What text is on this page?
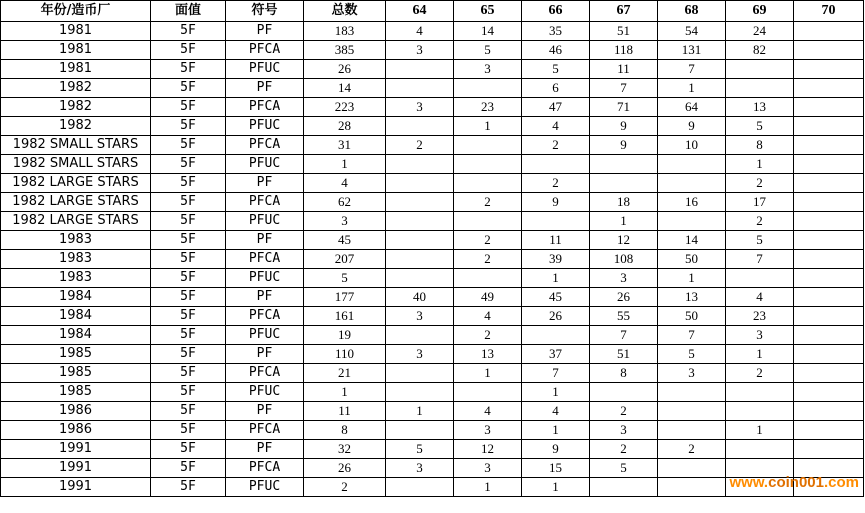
年份/造币厂	面值	符号	总数	64	65	66	67	68	69	70
1981	5F	PF	183	4	14	35	51	54	24	
1981	5F	PFCA	385	3	5	46	118	131	82	
1981	5F	PFUC	26		3	5	11	7		
1982	5F	PF	14			6	7	1		
1982	5F	PFCA	223	3	23	47	71	64	13	
1982	5F	PFUC	28		1	4	9	9	5	
1982 SMALL STARS	5F	PFCA	31	2		2	9	10	8	
1982 SMALL STARS	5F	PFUC	1						1	
1982 LARGE STARS	5F	PF	4			2			2	
1982 LARGE STARS	5F	PFCA	62		2	9	18	16	17	
1982 LARGE STARS	5F	PFUC	3				1		2	
1983	5F	PF	45		2	11	12	14	5	
1983	5F	PFCA	207		2	39	108	50	7	
1983	5F	PFUC	5			1	3	1		
1984	5F	PF	177	40	49	45	26	13	4	
1984	5F	PFCA	161	3	4	26	55	50	23	
1984	5F	PFUC	19		2		7	7	3	
1985	5F	PF	110	3	13	37	51	5	1	
1985	5F	PFCA	21		1	7	8	3	2	
1985	5F	PFUC	1			1				
1986	5F	PF	11	1	4	4	2			
1986	5F	PFCA	8		3	1	3		1	
1991	5F	PF	32	5	12	9	2	2		
1991	5F	PFCA	26	3	3	15	5			
1991	5F	PFUC	2		1	1					www.coin001.com
